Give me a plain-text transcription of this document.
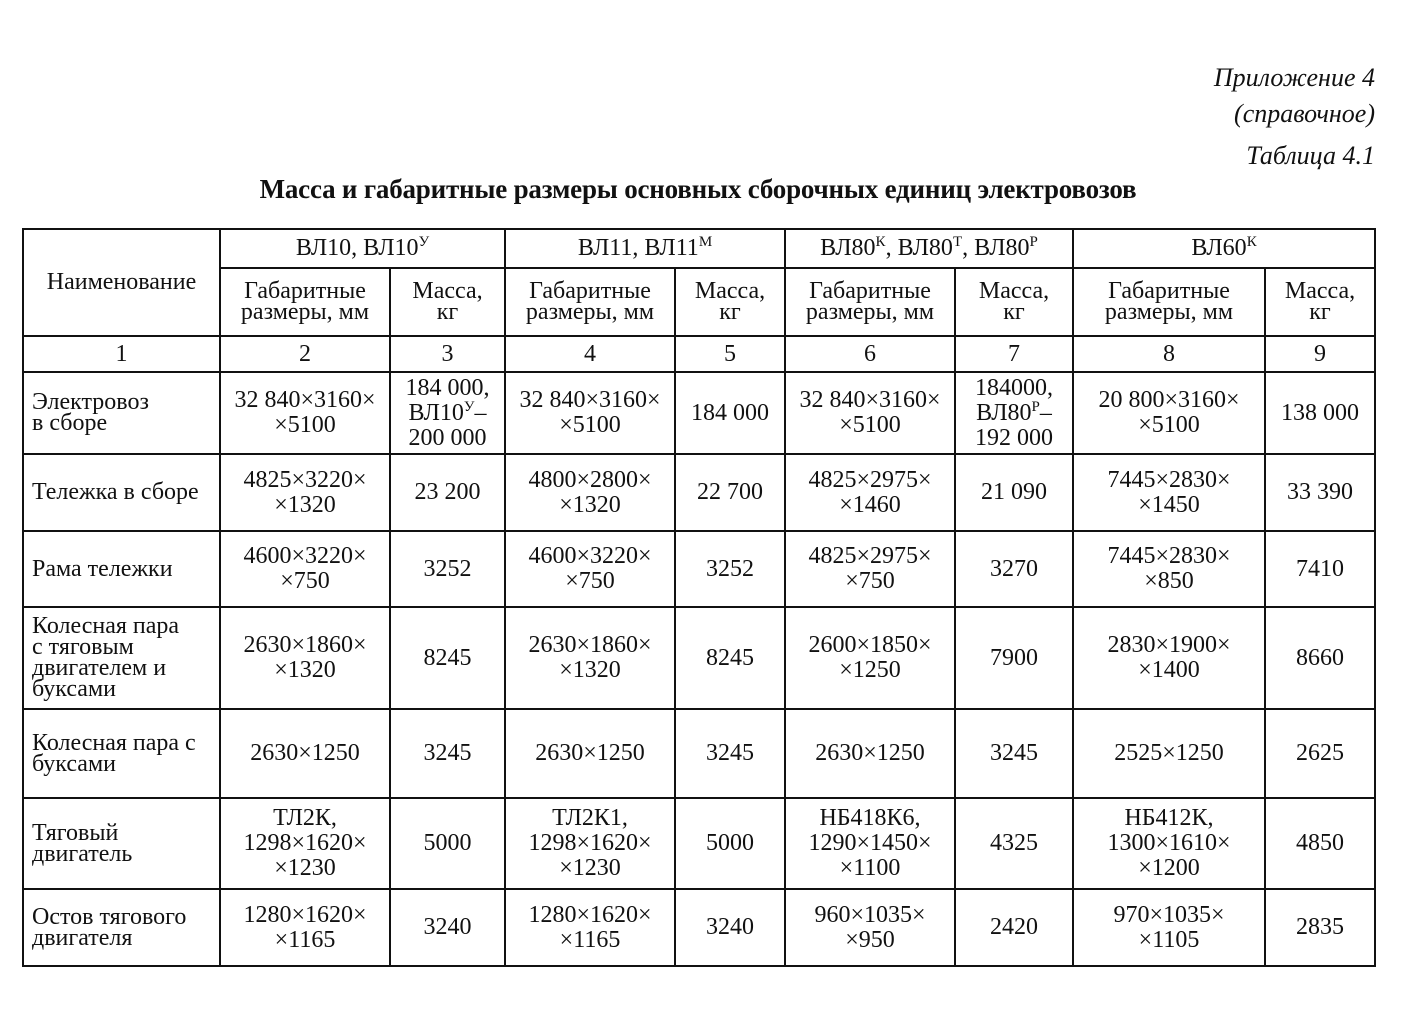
Приложение 4
(справочное)
Таблица 4.1
Масса и габаритные размеры основных сборочных единиц электровозов
Наименование	ВЛ10, $ВЛ10^У$		ВЛ11, $ВЛ11^М$		$ВЛ80^К$, $ВЛ80^Т$, $ВЛ80^Р$		$ВЛ60^К$

	Габаритные
размеры, мм	Масса,
кг	Габаритные
размеры, мм	Масса,
кг	Габаритные
размеры, мм	Масса,
кг	Габаритные
размеры, мм	Масса,
кг

1	2	3	4	5	6	7	8	9

Электровоз
в сборе	32 840×3160×
×5100	184 000,
$ВЛ10^У-$
200 000	32 840×3160×
×5100	184 000	32 840×3160×
×5100	184000,
$ВЛ80^Р-$
192 000	20 800×3160×
×5100	138 000

Тележка в сборе	4825×3220×
×1320	23 200	4800×2800×
×1320	22 700	4825×2975×
×1460	21 090	7445×2830×
×1450	33 390

Рама тележки	4600×3220×
×750	3252	4600×3220×
×750	3252	4825×2975×
×750	3270	7445×2830×
×850	7410

Колесная пара
с тяговым
двигателем и
буксами	2630×1860×
×1320	8245	2630×1860×
×1320	8245	2600×1850×
×1250	7900	2830×1900×
×1400	8660

Колесная пара с
буксами	2630×1250	3245	2630×1250	3245	2630×1250	3245	2525×1250	2625

Тяговый
двигатель	ТЛ2К,
1298×1620×
×1230	5000	ТЛ2К1,
1298×1620×
×1230	5000	НБ418К6,
1290×1450×
×1100	4325	НБ412К,
1300×1610×
×1200	4850

Остов тягового
двигателя	1280×1620×
×1165	3240	1280×1620×
×1165	3240	960×1035×
×950	2420	970×1035×
×1105	2835
